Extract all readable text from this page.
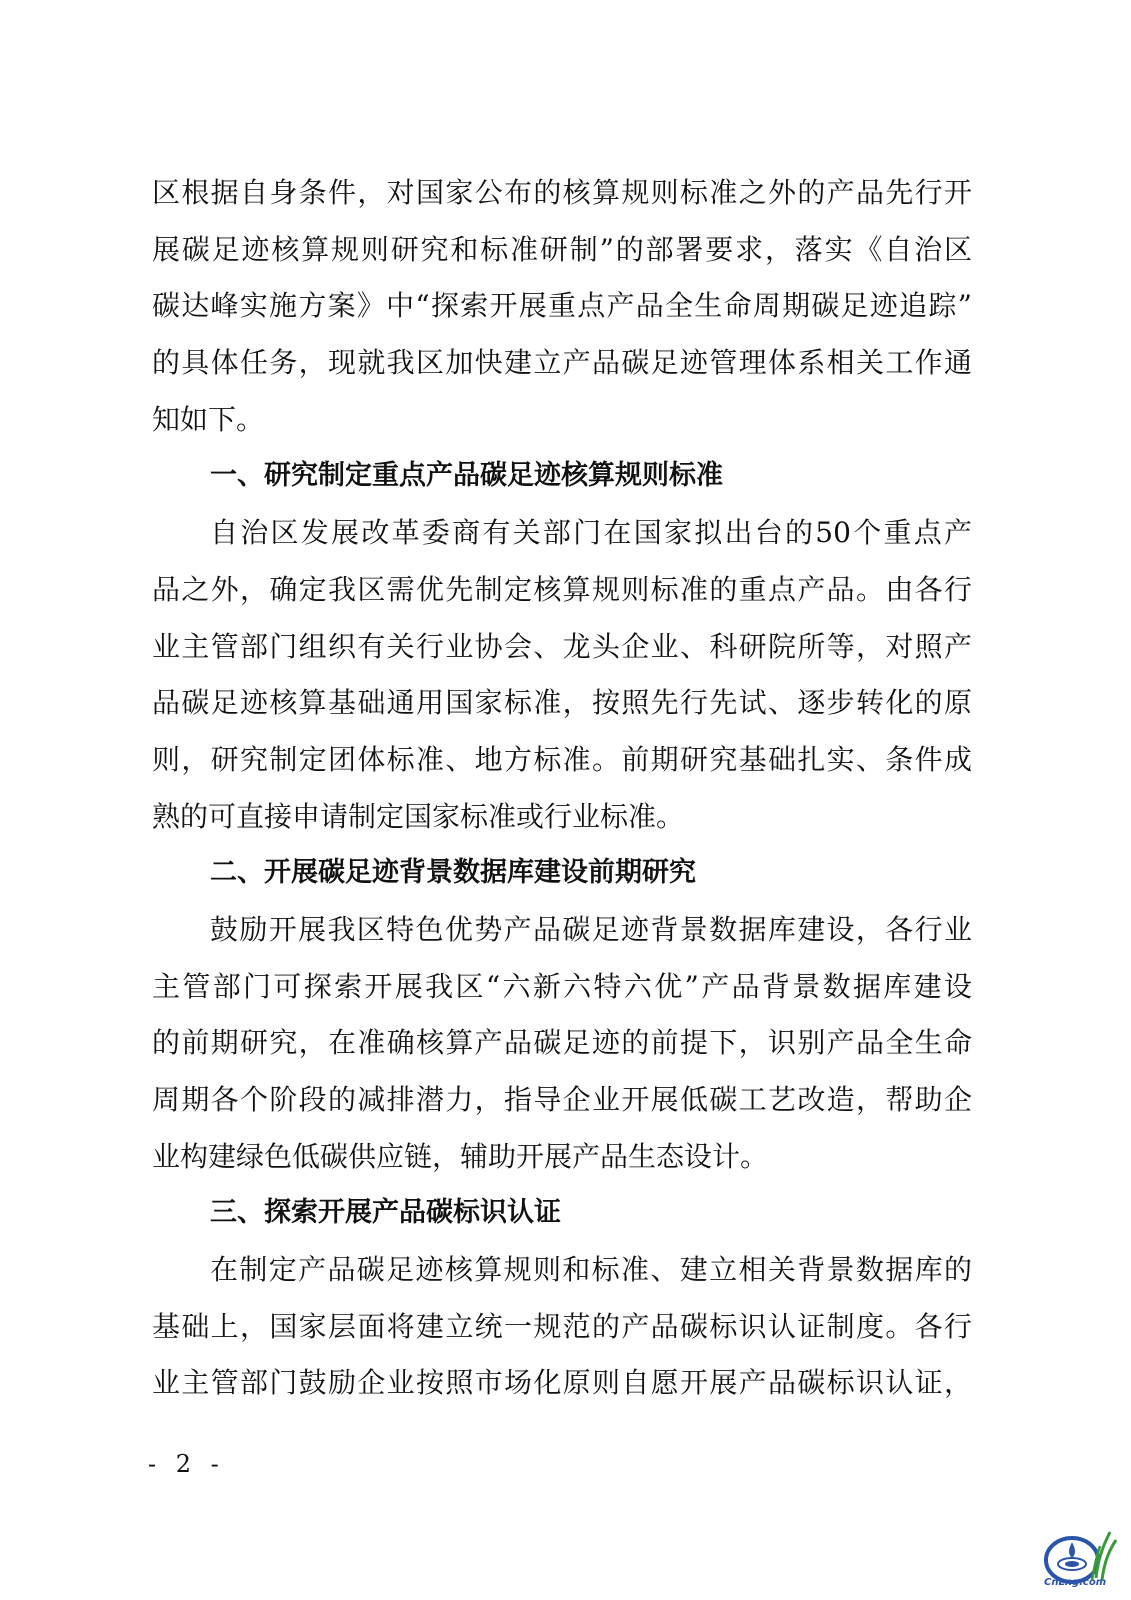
区根据自身条件，对国家公布的核算规则标准之外的产品先行开
展碳足迹核算规则研究和标准研制”的部署要求，落实《自治区
碳达峰实施方案》中“探索开展重点产品全生命周期碳足迹追踪”
的具体任务，现就我区加快建立产品碳足迹管理体系相关工作通
知如下。
一、研究制定重点产品碳足迹核算规则标准
自治区发展改革委商有关部门在国家拟出台的50个重点产
品之外，确定我区需优先制定核算规则标准的重点产品。由各行
业主管部门组织有关行业协会、龙头企业、科研院所等，对照产
品碳足迹核算基础通用国家标准，按照先行先试、逐步转化的原
则，研究制定团体标准、地方标准。前期研究基础扎实、条件成
熟的可直接申请制定国家标准或行业标准。
二、开展碳足迹背景数据库建设前期研究
鼓励开展我区特色优势产品碳足迹背景数据库建设，各行业
主管部门可探索开展我区“六新六特六优”产品背景数据库建设
的前期研究，在准确核算产品碳足迹的前提下，识别产品全生命
周期各个阶段的减排潜力，指导企业开展低碳工艺改造，帮助企
业构建绿色低碳供应链，辅助开展产品生态设计。
三、探索开展产品碳标识认证
在制定产品碳足迹核算规则和标准、建立相关背景数据库的
基础上，国家层面将建立统一规范的产品碳标识认证制度。各行
业主管部门鼓励企业按照市场化原则自愿开展产品碳标识认证，
- 2 -
CnLng.com
